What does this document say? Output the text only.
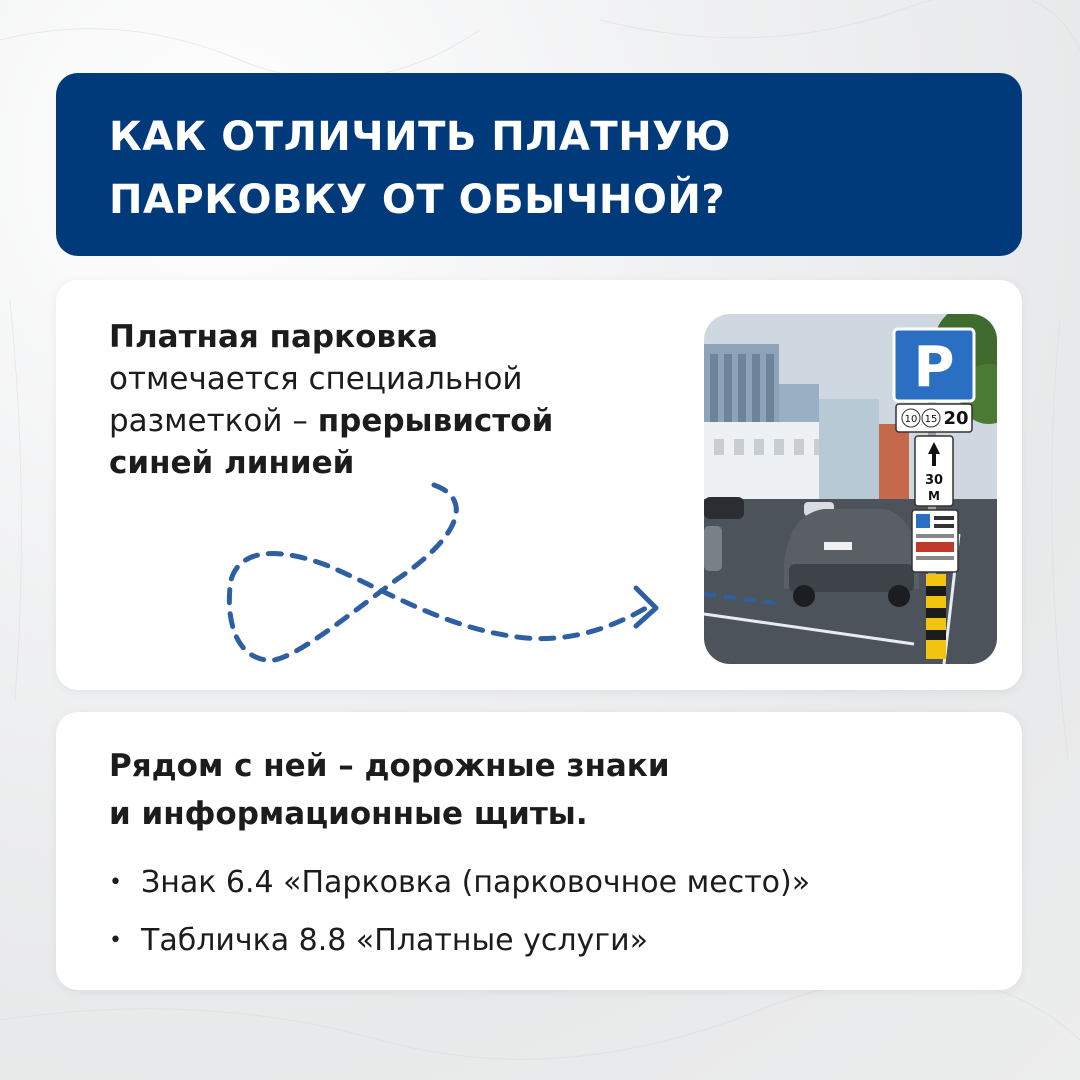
КАК ОТЛИЧИТЬ ПЛАТНУЮ
ПАРКОВКУ ОТ ОБЫЧНОЙ?
Платная парковка
отмечается специальной
разметкой – прерывистой
синей линией
P
10 15 20
30
М
Рядом с ней – дорожные знаки
и информационные щиты.
• Знак 6.4 «Парковка (парковочное место)»
• Табличка 8.8 «Платные услуги»
